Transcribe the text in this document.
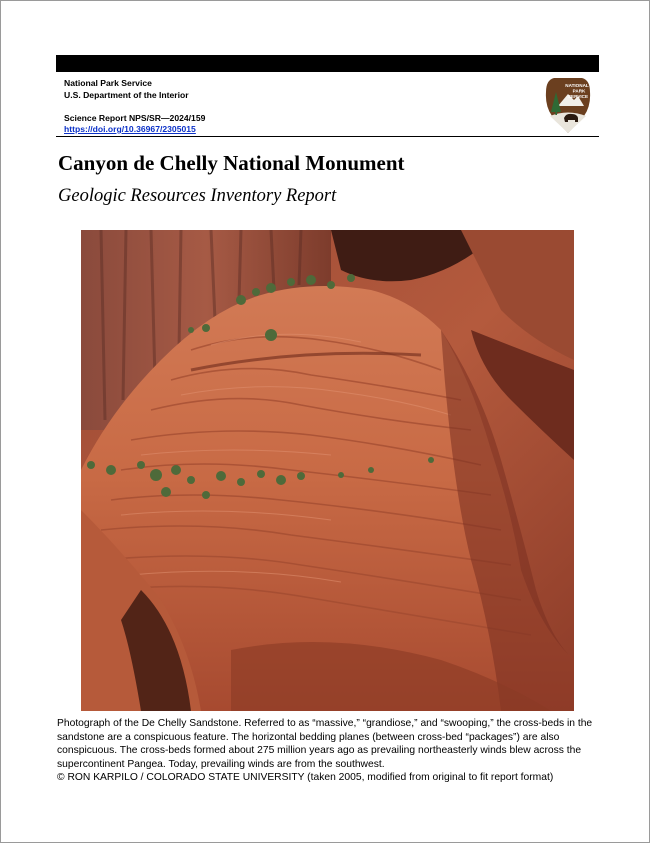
National Park Service
U.S. Department of the Interior
Science Report NPS/SR—2024/159
https://doi.org/10.36967/2305015
NATIONAL
PARK
SERVICE
Canyon de Chelly National Monument
Geologic Resources Inventory Report

Photograph of the De Chelly Sandstone. Referred to as “massive,” “grandiose,” and “swooping,” the cross-beds in the sandstone are a conspicuous feature. The horizontal bedding planes (between cross-bed “packages”) are also conspicuous. The cross-beds formed about 275 million years ago as prevailing northeasterly winds blew across the supercontinent Pangea. Today, prevailing winds are from the southwest.

© RON KARPILO / COLORADO STATE UNIVERSITY (taken 2005, modified from original to fit report format)
